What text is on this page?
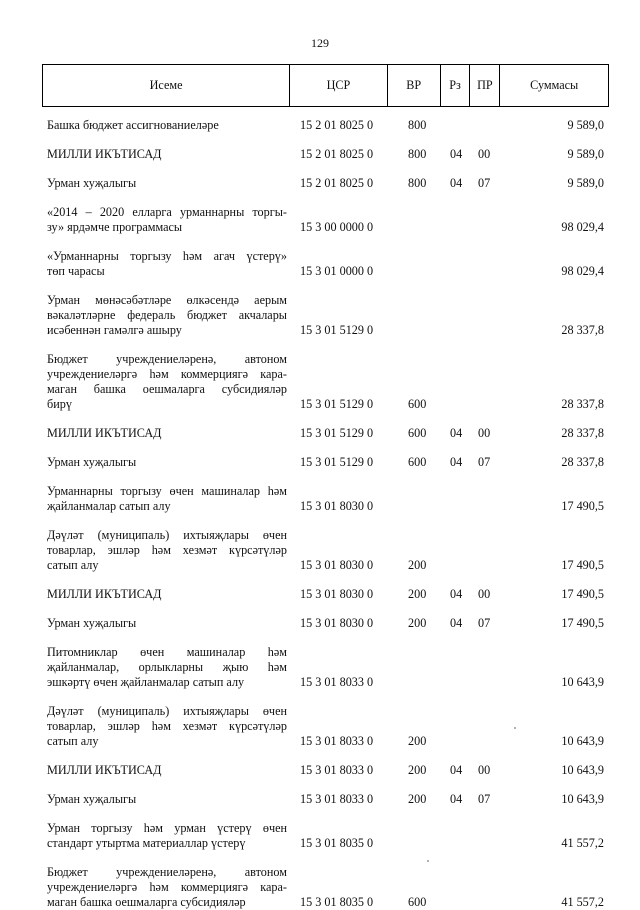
129
Исеме	ЦСР	ВР	Рз	ПР	Суммасы
Башка бюджет ассигнованиеләре	15 2 01 8025 0	800	9 589,0
МИЛЛИ ИКЪТИСАД	15 2 01 8025 0	800 04 00	9 589,0
Урман хуҗалыгы	15 2 01 8025 0	800 04 07	9 589,0
«2014 – 2020 елларга урманнарны торгы-
зу» ярдәмче программасы	15 3 00 0000 0	98 029,4
«Урманнарны торгызу һәм агач үстерү»
төп чарасы	15 3 01 0000 0	98 029,4
Урман мөнәсәбәтләре өлкәсендә аерым
вәкаләтләрне федераль бюджет акчалары
исәбеннән гамәлгә ашыру	15 3 01 5129 0	28 337,8
Бюджет учреждениеләренә, автоном
учреждениеләргә һәм коммерциягә кара-
маган башка оешмаларга субсидияләр
бирү	15 3 01 5129 0	600	28 337,8
МИЛЛИ ИКЪТИСАД	15 3 01 5129 0	600 04 00	28 337,8
Урман хуҗалыгы	15 3 01 5129 0	600 04 07	28 337,8
Урманнарны торгызу өчен машиналар һәм
җайланмалар сатып алу	15 3 01 8030 0	17 490,5
Дәүләт (муниципаль) ихтыяҗлары өчен
товарлар, эшләр һәм хезмәт күрсәтүләр
сатып алу	15 3 01 8030 0	200	17 490,5
МИЛЛИ ИКЪТИСАД	15 3 01 8030 0	200 04 00	17 490,5
Урман хуҗалыгы	15 3 01 8030 0	200 04 07	17 490,5
Питомниклар өчен машиналар һәм
җайланмалар, орлыкларны җыю һәм
эшкәртү өчен җайланмалар сатып алу	15 3 01 8033 0	10 643,9
Дәүләт (муниципаль) ихтыяҗлары өчен
товарлар, эшләр һәм хезмәт күрсәтүләр
сатып алу	15 3 01 8033 0	200	10 643,9
МИЛЛИ ИКЪТИСАД	15 3 01 8033 0	200 04 00	10 643,9
Урман хуҗалыгы	15 3 01 8033 0	200 04 07	10 643,9
Урман торгызу һәм урман үстерү өчен
стандарт утыртма материаллар үстерү	15 3 01 8035 0	41 557,2
Бюджет учреждениеләренә, автоном
учреждениеләргә һәм коммерциягә кара-
маган башка оешмаларга субсидияләр	15 3 01 8035 0	600	41 557,2
